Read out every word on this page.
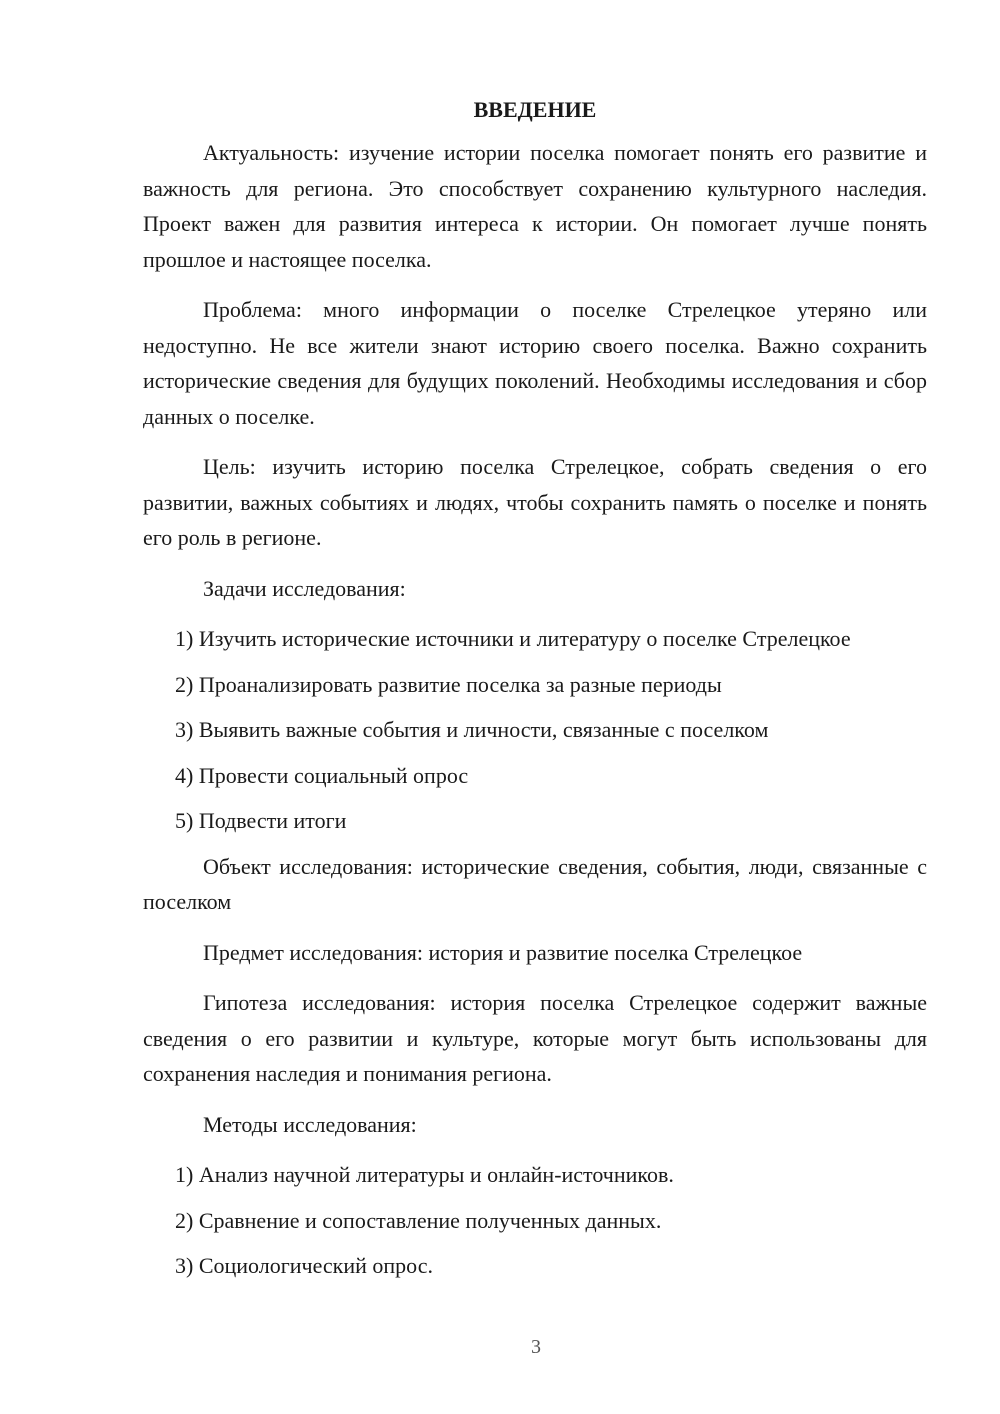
ВВЕДЕНИЕ

Актуальность: изучение истории поселка помогает понять его развитие и важность для региона. Это способствует сохранению культурного наследия. Проект важен для развития интереса к истории. Он помогает лучше понять прошлое и настоящее поселка.

Проблема: много информации о поселке Стрелецкое утеряно или недоступно. Не все жители знают историю своего поселка. Важно сохранить исторические сведения для будущих поколений. Необходимы исследования и сбор данных о поселке.

Цель: изучить историю поселка Стрелецкое, собрать сведения о его развитии, важных событиях и людях, чтобы сохранить память о поселке и понять его роль в регионе.

Задачи исследования:

1) Изучить исторические источники и литературу о поселке Стрелецкое

2) Проанализировать развитие поселка за разные периоды

3) Выявить важные события и личности, связанные с поселком

4) Провести социальный опрос

5) Подвести итоги

Объект исследования: исторические сведения, события, люди, связанные с поселком

Предмет исследования: история и развитие поселка Стрелецкое

Гипотеза исследования: история поселка Стрелецкое содержит важные сведения о его развитии и культуре, которые могут быть использованы для сохранения наследия и понимания региона.

Методы исследования:

1) Анализ научной литературы и онлайн-источников.

2) Сравнение и сопоставление полученных данных.

3) Социологический опрос.

3
